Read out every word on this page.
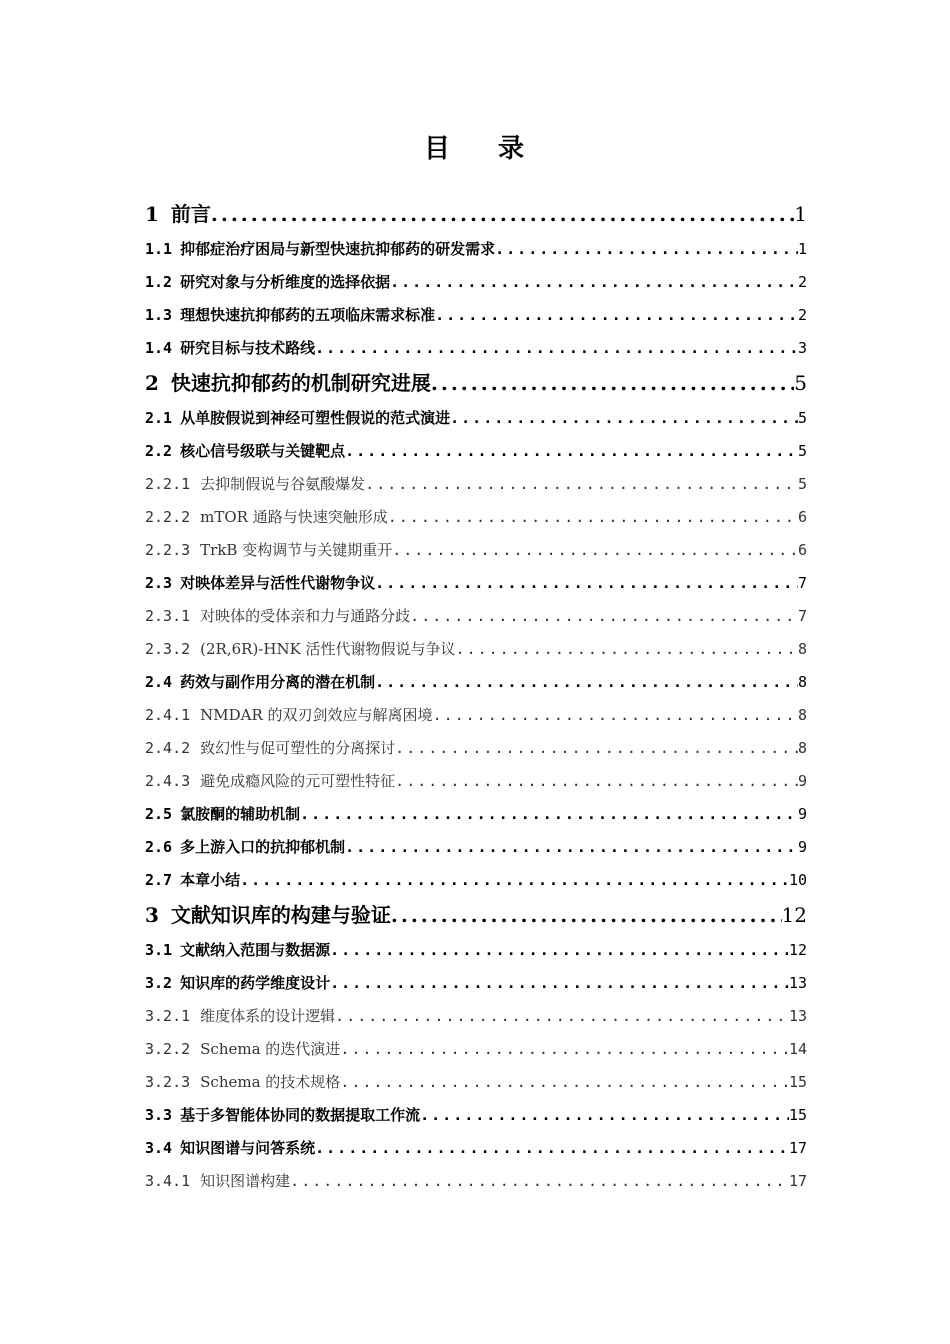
目 录
1 前言 .....	1
1.1 抑郁症治疗困局与新型快速抗抑郁药的研发需求 .....	1
1.2 研究对象与分析维度的选择依据 .....	2
1.3 理想快速抗抑郁药的五项临床需求标准 .....	2
1.4 研究目标与技术路线 .....	3
2 快速抗抑郁药的机制研究进展 .....	5
2.1 从单胺假说到神经可塑性假说的范式演进 .....	5
2.2 核心信号级联与关键靶点 .....	5
2.2.1 去抑制假说与谷氨酸爆发 .....	5
2.2.2 mTOR 通路与快速突触形成 .....	6
2.2.3 TrkB 变构调节与关键期重开 .....	6
2.3 对映体差异与活性代谢物争议 .....	7
2.3.1 对映体的受体亲和力与通路分歧 .....	7
2.3.2 (2R,6R)-HNK 活性代谢物假说与争议 .....	8
2.4 药效与副作用分离的潜在机制 .....	8
2.4.1 NMDAR 的双刃剑效应与解离困境 .....	8
2.4.2 致幻性与促可塑性的分离探讨 .....	8
2.4.3 避免成瘾风险的元可塑性特征 .....	9
2.5 氯胺酮的辅助机制 .....	9
2.6 多上游入口的抗抑郁机制 .....	9
2.7 本章小结 .....	10
3 文献知识库的构建与验证 .....	12
3.1 文献纳入范围与数据源 .....	12
3.2 知识库的药学维度设计 .....	13
3.2.1 维度体系的设计逻辑 .....	13
3.2.2 Schema 的迭代演进 .....	14
3.2.3 Schema 的技术规格 .....	15
3.3 基于多智能体协同的数据提取工作流 .....	15
3.4 知识图谱与问答系统 .....	17
3.4.1 知识图谱构建 .....	17
